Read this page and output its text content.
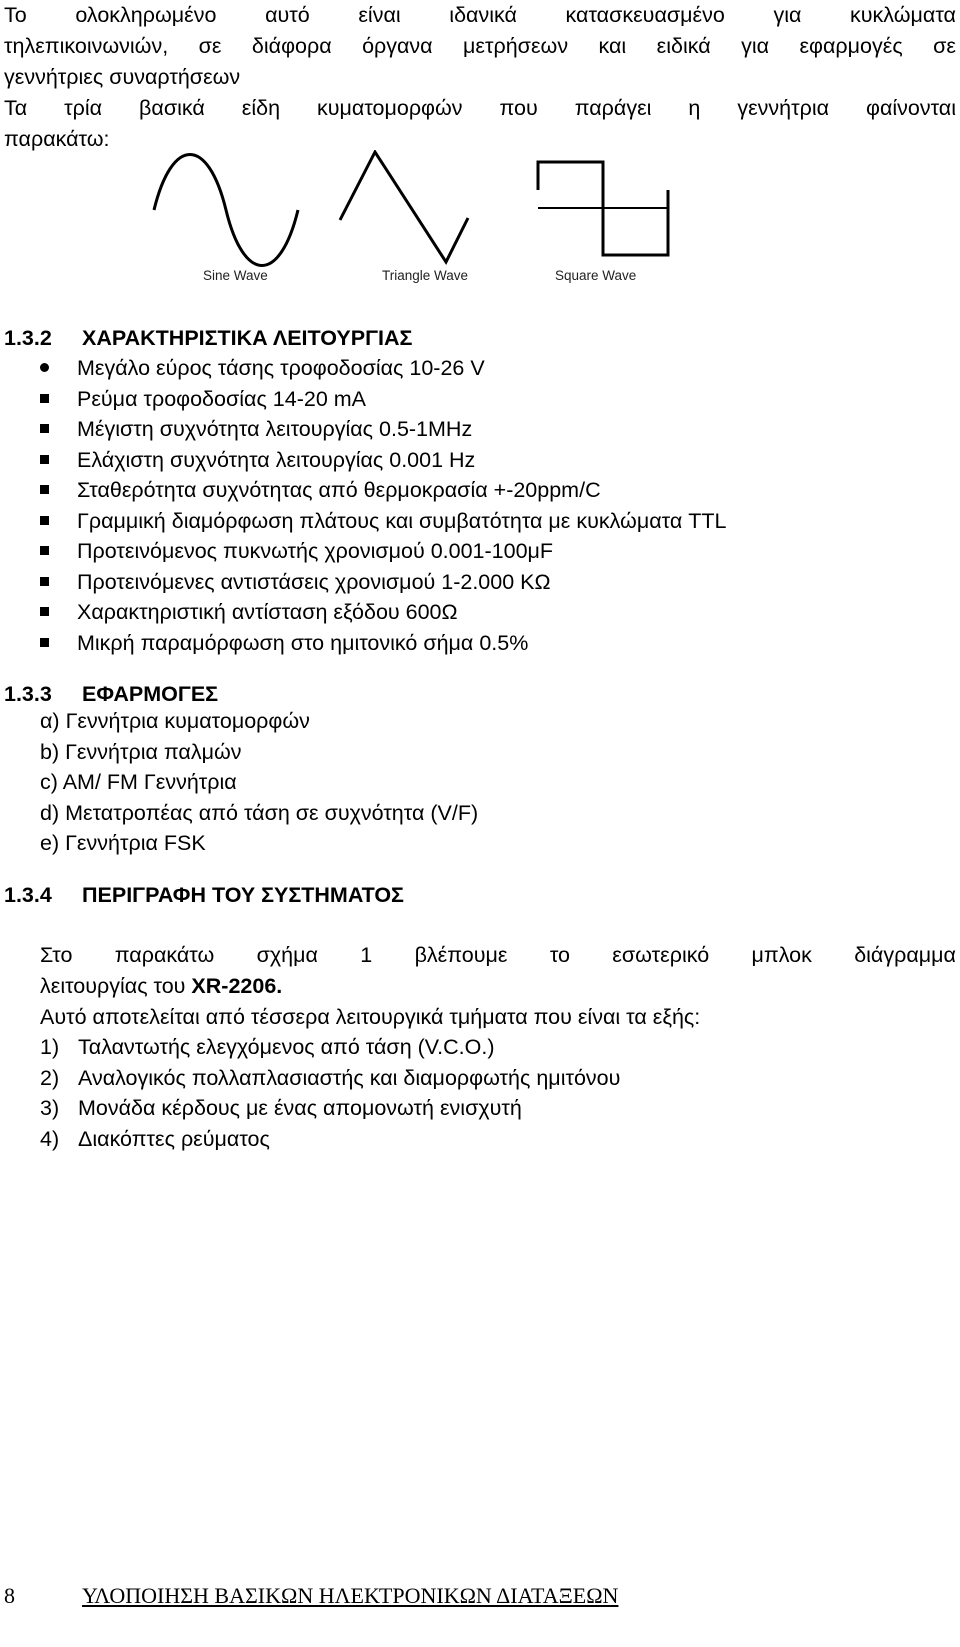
Το ολοκληρωμένο αυτό είναι ιδανικά κατασκευασμένο για κυκλώματα
τηλεπικοινωνιών, σε διάφορα όργανα μετρήσεων και ειδικά για εφαρμογές σε
γεννήτριες συναρτήσεων
Τα τρία βασικά είδη κυματομορφών που παράγει η γεννήτρια φαίνονται
παρακάτω:
Sine Wave	Triangle Wave	Square Wave
1.3.2 ΧΑΡΑΚΤΗΡΙΣΤΙΚΑ ΛΕΙΤΟΥΡΓΙΑΣ
Μεγάλο εύρος τάσης τροφοδοσίας 10-26 V
Ρεύμα τροφοδοσίας 14-20 mA
Μέγιστη συχνότητα λειτουργίας 0.5-1MHz
Ελάχιστη συχνότητα λειτουργίας 0.001 Hz
Σταθερότητα συχνότητας από θερμοκρασία +-20ppm/C
Γραμμική διαμόρφωση πλάτους και συμβατότητα με κυκλώματα TTL
Προτεινόμενος πυκνωτής χρονισμού 0.001-100μF
Προτεινόμενες αντιστάσεις χρονισμού 1-2.000 ΚΩ
Χαρακτηριστική αντίσταση εξόδου 600Ω
Μικρή παραμόρφωση στο ημιτονικό σήμα 0.5%
1.3.3 ΕΦΑΡΜΟΓΕΣ
α) Γεννήτρια κυματομορφών
b) Γεννήτρια παλμών
c) AM/ FM Γεννήτρια
d) Μετατροπέας από τάση σε συχνότητα (V/F)
e) Γεννήτρια FSK
1.3.4 ΠΕΡΙΓΡΑΦΗ ΤΟΥ ΣΥΣΤΗΜΑΤΟΣ
Στο παρακάτω σχήμα 1 βλέπουμε το εσωτερικό μπλοκ διάγραμμα
λειτουργίας του XR-2206.
Αυτό αποτελείται από τέσσερα λειτουργικά τμήματα που είναι τα εξής:
1) Ταλαντωτής ελεγχόμενος από τάση (V.C.O.)
2) Αναλογικός πολλαπλασιαστής και διαμορφωτής ημιτόνου
3) Μονάδα κέρδους με ένας απομονωτή ενισχυτή
4) Διακόπτες ρεύματος
8	ΥΛΟΠΟΙΗΣΗ ΒΑΣΙΚΩΝ ΗΛΕΚΤΡΟΝΙΚΩΝ ΔΙΑΤΑΞΕΩΝ
